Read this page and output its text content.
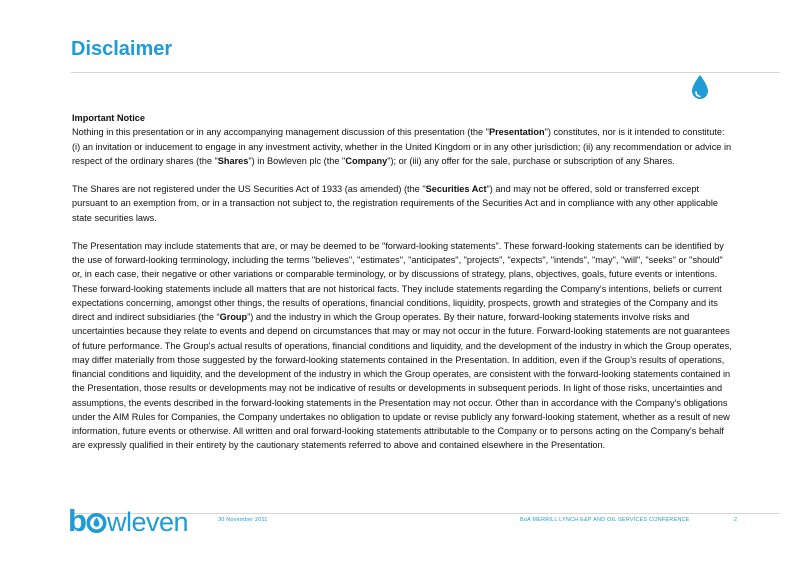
Disclaimer

Important Notice
Nothing in this presentation or in any accompanying management discussion of this presentation (the "Presentation") constitutes, nor is it intended to constitute: (i) an invitation or inducement to engage in any investment activity, whether in the United Kingdom or in any other jurisdiction; (ii) any recommendation or advice in respect of the ordinary shares (the "Shares") in Bowleven plc (the "Company"); or (iii) any offer for the sale, purchase or subscription of any Shares.

The Shares are not registered under the US Securities Act of 1933 (as amended) (the "Securities Act") and may not be offered, sold or transferred except pursuant to an exemption from, or in a transaction not subject to, the registration requirements of the Securities Act and in compliance with any other applicable state securities laws.

The Presentation may include statements that are, or may be deemed to be "forward-looking statements". These forward-looking statements can be identified by the use of forward-looking terminology, including the terms "believes", "estimates", "anticipates", "projects", "expects", "intends", "may", "will", "seeks" or "should" or, in each case, their negative or other variations or comparable terminology, or by discussions of strategy, plans, objectives, goals, future events or intentions. These forward-looking statements include all matters that are not historical facts. They include statements regarding the Company's intentions, beliefs or current expectations concerning, amongst other things, the results of operations, financial conditions, liquidity, prospects, growth and strategies of the Company and its direct and indirect subsidiaries (the “Group”) and the industry in which the Group operates. By their nature, forward-looking statements involve risks and uncertainties because they relate to events and depend on circumstances that may or may not occur in the future. Forward-looking statements are not guarantees of future performance. The Group's actual results of operations, financial conditions and liquidity, and the development of the industry in which the Group operates, may differ materially from those suggested by the forward-looking statements contained in the Presentation. In addition, even if the Group’s results of operations, financial conditions and liquidity, and the development of the industry in which the Group operates, are consistent with the forward-looking statements contained in the Presentation, those results or developments may not be indicative of results or developments in subsequent periods. In light of those risks, uncertainties and assumptions, the events described in the forward-looking statements in the Presentation may not occur. Other than in accordance with the Company's obligations under the AIM Rules for Companies, the Company undertakes no obligation to update or revise publicly any forward-looking statement, whether as a result of new information, future events or otherwise. All written and oral forward-looking statements attributable to the Company or to persons acting on the Company's behalf are expressly qualified in their entirety by the cautionary statements referred to above and contained elsewhere in the Presentation.

b wleven	30 November 2011	BoA MERRILL LYNCH E&P AND OIL SERVICES CONFERENCE	2
